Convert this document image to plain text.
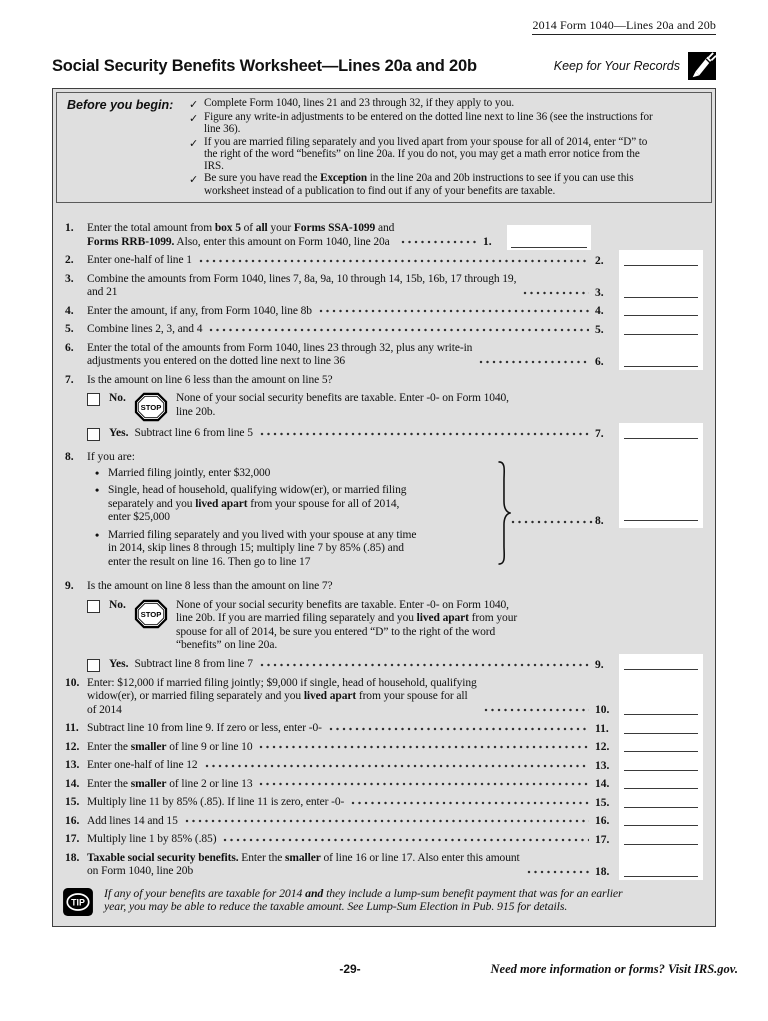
2014 Form 1040—Lines 20a and 20b
Social Security Benefits Worksheet—Lines 20a and 20b	Keep for Your Records
Before you begin:	✓ Complete Form 1040, lines 21 and 23 through 32, if they apply to you.
✓ Figure any write-in adjustments to be entered on the dotted line next to line 36 (see the instructions for
line 36).
✓ If you are married filing separately and you lived apart from your spouse for all of 2014, enter “D” to
the right of the word “benefits” on line 20a. If you do not, you may get a math error notice from the
IRS.
✓ Be sure you have read the Exception in the line 20a and 20b instructions to see if you can use this
worksheet instead of a publication to find out if any of your benefits are taxable.
1.	Enter the total amount from box 5 of all your Forms SSA-1099 and
Forms RRB-1099. Also, enter this amount on Form 1040, line 20a	1.
2.	Enter one-half of line 1	2.
3.	Combine the amounts from Form 1040, lines 7, 8a, 9a, 10 through 14, 15b, 16b, 17 through 19,
and 21	3.
4.	Enter the amount, if any, from Form 1040, line 8b	4.
5.	Combine lines 2, 3, and 4	5.
6.	Enter the total of the amounts from Form 1040, lines 23 through 32, plus any write-in
adjustments you entered on the dotted line next to line 36	6.
7.	Is the amount on line 6 less than the amount on line 5?
No.
STOP
None of your social security benefits are taxable. Enter -0- on Form 1040,
line 20b.
Yes. Subtract line 6 from line 5	7.
8.	If you are:
• Married filing jointly, enter $32,000
• Single, head of household, qualifying widow(er), or married filing
separately and you lived apart from your spouse for all of 2014,
enter $25,000
• Married filing separately and you lived with your spouse at any time
in 2014, skip lines 8 through 15; multiply line 7 by 85% (.85) and
enter the result on line 16. Then go to line 17
8.
9.	Is the amount on line 8 less than the amount on line 7?
No.
STOP
None of your social security benefits are taxable. Enter -0- on Form 1040,
line 20b. If you are married filing separately and you lived apart from your
spouse for all of 2014, be sure you entered “D” to the right of the word
“benefits” on line 20a.
Yes. Subtract line 8 from line 7	9.
10. Enter: $12,000 if married filing jointly; $9,000 if single, head of household, qualifying
widow(er), or married filing separately and you lived apart from your spouse for all
of 2014	10.
11. Subtract line 10 from line 9. If zero or less, enter -0-	11.
12. Enter the smaller of line 9 or line 10	12.
13. Enter one-half of line 12	13.
14. Enter the smaller of line 2 or line 13	14.
15. Multiply line 11 by 85% (.85). If line 11 is zero, enter -0-	15.
16. Add lines 14 and 15	16.
17. Multiply line 1 by 85% (.85)	17.
18. Taxable social security benefits. Enter the smaller of line 16 or line 17. Also enter this amount
on Form 1040, line 20b	18.
TIP
If any of your benefits are taxable for 2014 and they include a lump-sum benefit payment that was for an earlier
year, you may be able to reduce the taxable amount. See Lump-Sum Election in Pub. 915 for details.
-29-	Need more information or forms? Visit IRS.gov.
